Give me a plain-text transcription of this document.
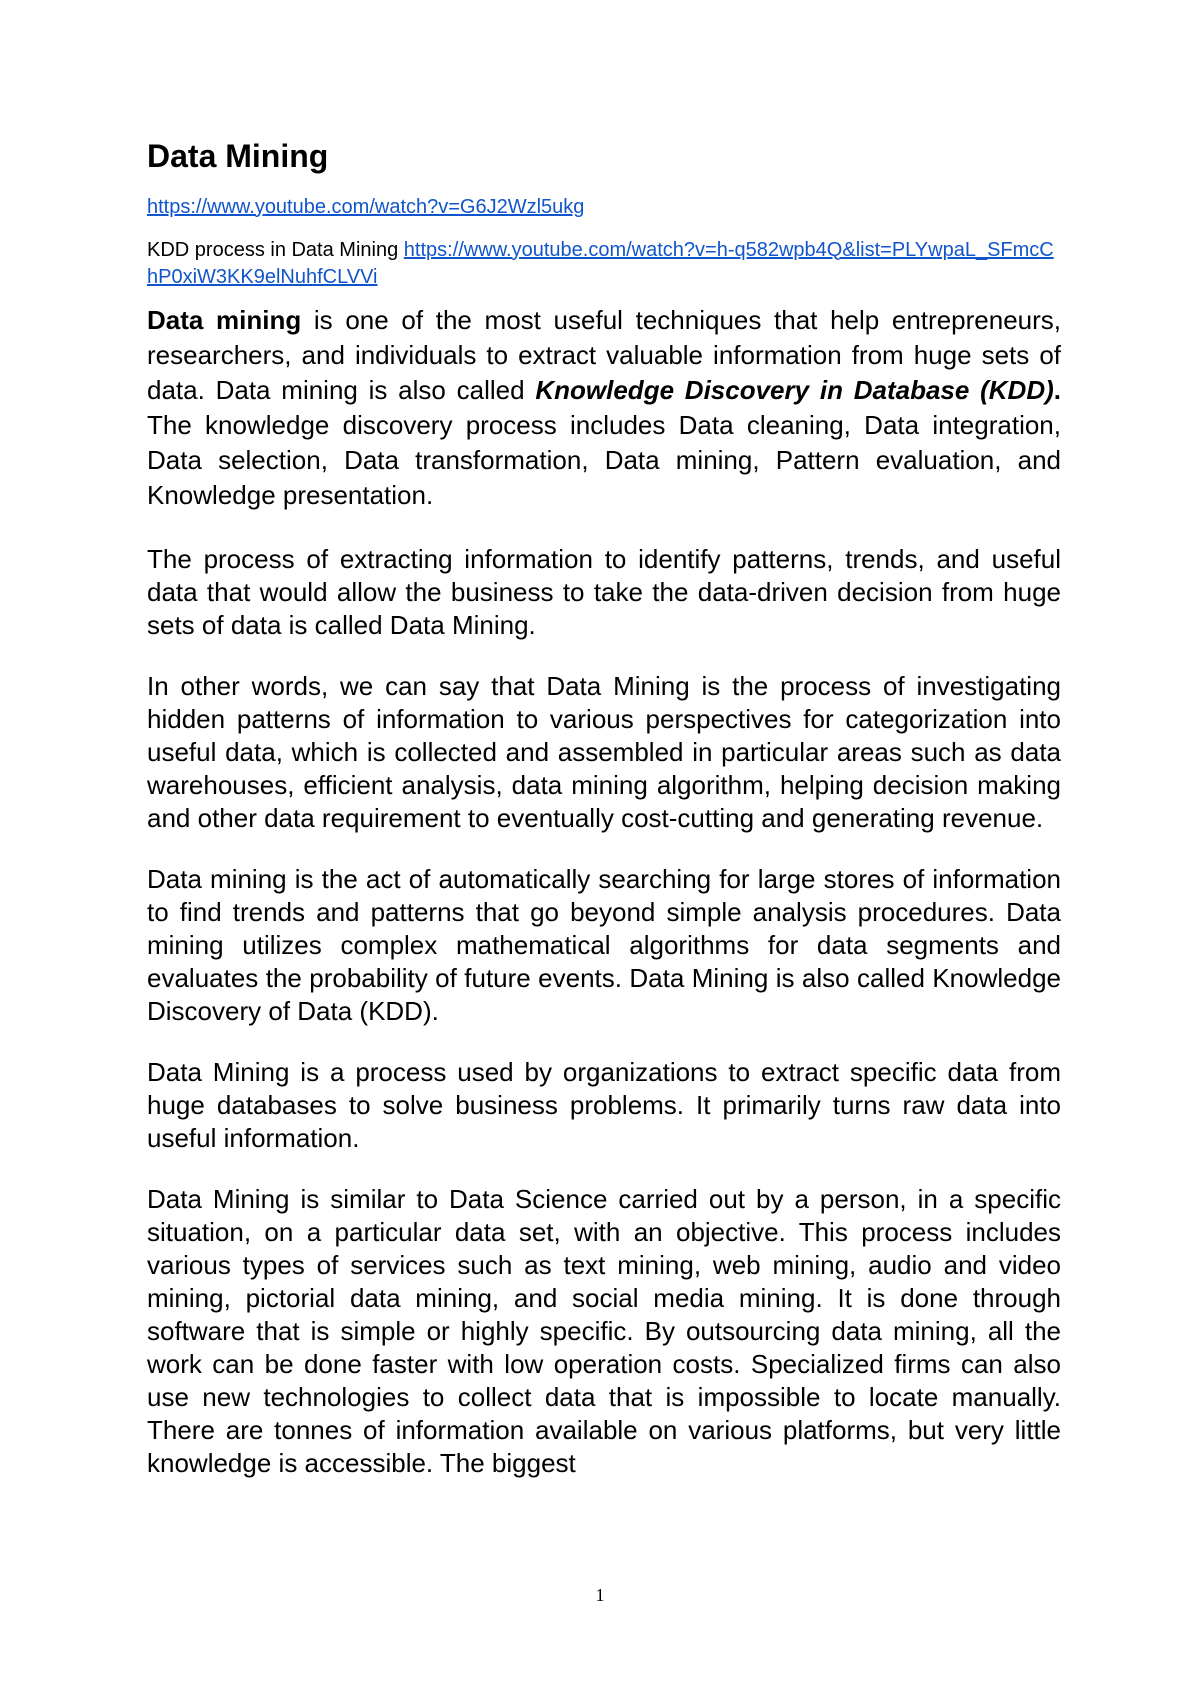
Data Mining
https://www.youtube.com/watch?v=G6J2Wzl5ukg
KDD process in Data Mining https://www.youtube.com/watch?v=h-q582wpb4Q&list=PLYwpaL_SFmcChP0xiW3KK9elNuhfCLVVi

Data mining is one of the most useful techniques that help entrepreneurs, researchers, and individuals to extract valuable information from huge sets of data. Data mining is also called Knowledge Discovery in Database (KDD). The knowledge discovery process includes Data cleaning, Data integration, Data selection, Data transformation, Data mining, Pattern evaluation, and Knowledge presentation.

The process of extracting information to identify patterns, trends, and useful data that would allow the business to take the data-driven decision from huge sets of data is called Data Mining.

In other words, we can say that Data Mining is the process of investigating hidden patterns of information to various perspectives for categorization into useful data, which is collected and assembled in particular areas such as data warehouses, efficient analysis, data mining algorithm, helping decision making and other data requirement to eventually cost-cutting and generating revenue.

Data mining is the act of automatically searching for large stores of information to find trends and patterns that go beyond simple analysis procedures. Data mining utilizes complex mathematical algorithms for data segments and evaluates the probability of future events. Data Mining is also called Knowledge Discovery of Data (KDD).

Data Mining is a process used by organizations to extract specific data from huge databases to solve business problems. It primarily turns raw data into useful information.

Data Mining is similar to Data Science carried out by a person, in a specific situation, on a particular data set, with an objective. This process includes various types of services such as text mining, web mining, audio and video mining, pictorial data mining, and social media mining. It is done through software that is simple or highly specific. By outsourcing data mining, all the work can be done faster with low operation costs. Specialized firms can also use new technologies to collect data that is impossible to locate manually. There are tonnes of information available on various platforms, but very little knowledge is accessible. The biggest

1
